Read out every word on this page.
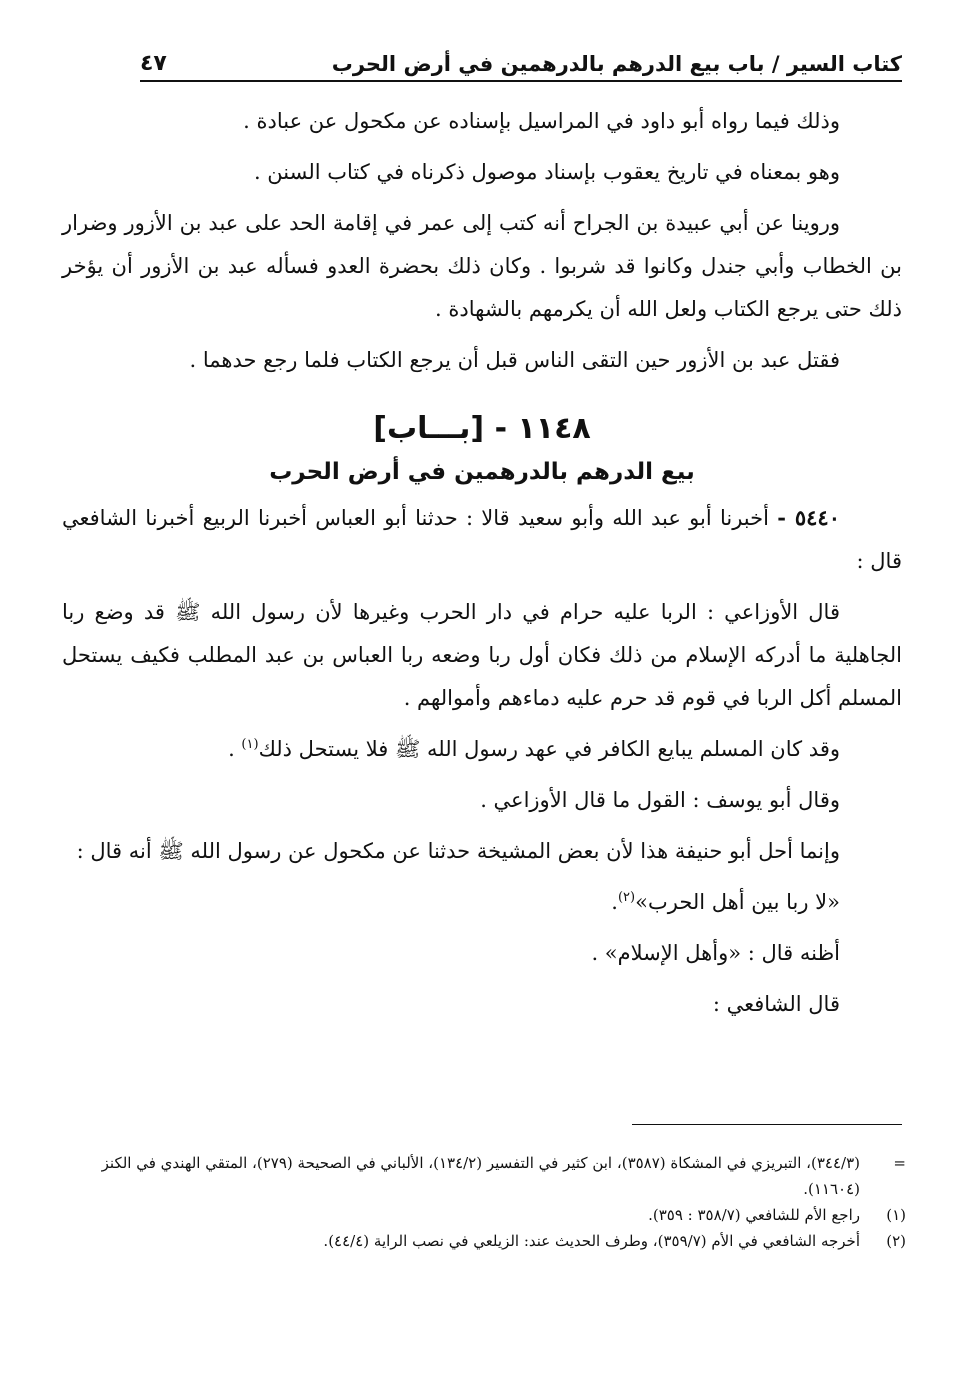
كتاب السير / باب بيع الدرهم بالدرهمين في أرض الحرب
٤٧

وذلك فيما رواه أبو داود في المراسيل بإسناده عن مكحول عن عبادة .

وهو بمعناه في تاريخ يعقوب بإسناد موصول ذكرناه في كتاب السنن .

وروينا عن أبي عبيدة بن الجراح أنه كتب إلى عمر في إقامة الحد على عبد بن الأزور وضرار بن الخطاب وأبي جندل وكانوا قد شربوا . وكان ذلك بحضرة العدو فسأله عبد بن الأزور أن يؤخر ذلك حتى يرجع الكتاب ولعل الله أن يكرمهم بالشهادة .

فقتل عبد بن الأزور حين التقى الناس قبل أن يرجع الكتاب فلما رجع حدهما .

١١٤٨ - [بـــاب]
بيع الدرهم بالدرهمين في أرض الحرب

٥٤٤٠ - أخبرنا أبو عبد الله وأبو سعيد قالا : حدثنا أبو العباس أخبرنا الربيع أخبرنا الشافعي قال :

قال الأوزاعي : الربا عليه حرام في دار الحرب وغيرها لأن رسول الله ﷺ قد وضع ربا الجاهلية ما أدركه الإسلام من ذلك فكان أول ربا وضعه ربا العباس بن عبد المطلب فكيف يستحل المسلم أكل الربا في قوم قد حرم عليه دماءهم وأموالهم .

وقد كان المسلم يبايع الكافر في عهد رسول الله ﷺ فلا يستحل ذلك$^{(١)}$ .

وقال أبو يوسف : القول ما قال الأوزاعي .

وإنما أحل أبو حنيفة هذا لأن بعض المشيخة حدثنا عن مكحول عن رسول الله ﷺ أنه قال :

«لا ربا بين أهل الحرب»$^{(٢)}$.

أظنه قال : «وأهل الإسلام» .

قال الشافعي :

=
(٣٤٤/٣)، التبريزي في المشكاة (٣٥٨٧)، ابن كثير في التفسير (١٣٤/٢)، الألباني في الصحيحة (٢٧٩)، المتقي الهندي في الكنز (١١٦٠٤).

(١)
راجع الأم للشافعي (٣٥٨/٧ : ٣٥٩).

(٢)
أخرجه الشافعي في الأم (٣٥٩/٧)، وطرف الحديث عند: الزيلعي في نصب الراية (٤٤/٤).
